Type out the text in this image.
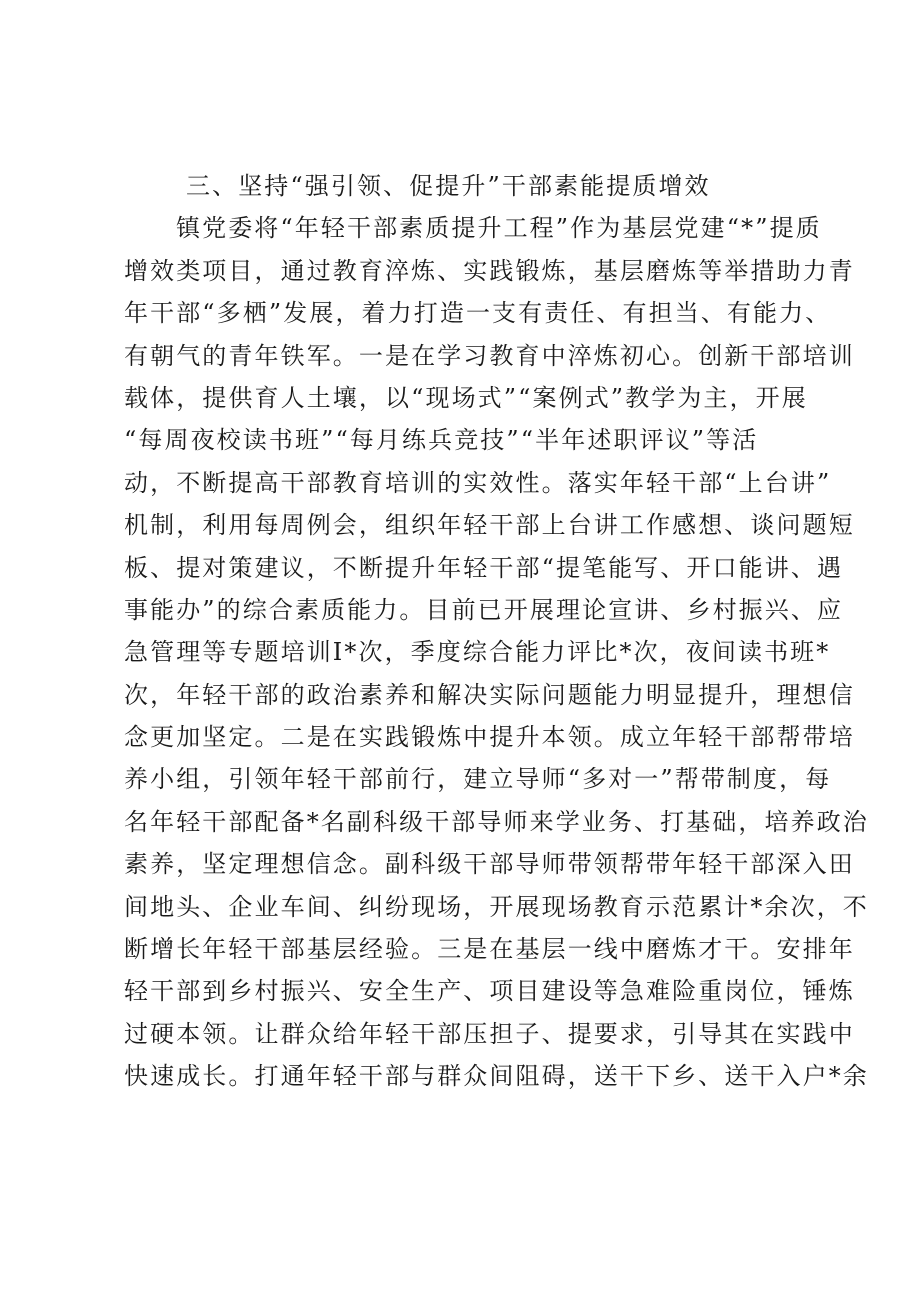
三、坚持“强引领、促提升”干部素能提质增效
镇党委将“年轻干部素质提升工程”作为基层党建“*”提质
增效类项目，通过教育淬炼、实践锻炼，基层磨炼等举措助力青
年干部“多栖”发展，着力打造一支有责任、有担当、有能力、
有朝气的青年铁军。一是在学习教育中淬炼初心。创新干部培训
载体，提供育人土壤，以“现场式”“案例式”教学为主，开展
“每周夜校读书班”“每月练兵竞技”“半年述职评议”等活
动，不断提高干部教育培训的实效性。落实年轻干部“上台讲”
机制，利用每周例会，组织年轻干部上台讲工作感想、谈问题短
板、提对策建议，不断提升年轻干部“提笔能写、开口能讲、遇
事能办”的综合素质能力。目前已开展理论宣讲、乡村振兴、应
急管理等专题培训I*次，季度综合能力评比*次，夜间读书班*
次，年轻干部的政治素养和解决实际问题能力明显提升，理想信
念更加坚定。二是在实践锻炼中提升本领。成立年轻干部帮带培
养小组，引领年轻干部前行，建立导师“多对一”帮带制度，每
名年轻干部配备*名副科级干部导师来学业务、打基础，培养政治
素养，坚定理想信念。副科级干部导师带领帮带年轻干部深入田
间地头、企业车间、纠纷现场，开展现场教育示范累计*余次，不
断增长年轻干部基层经验。三是在基层一线中磨炼才干。安排年
轻干部到乡村振兴、安全生产、项目建设等急难险重岗位，锤炼
过硬本领。让群众给年轻干部压担子、提要求，引导其在实践中
快速成长。打通年轻干部与群众间阻碍，送干下乡、送干入户*余
